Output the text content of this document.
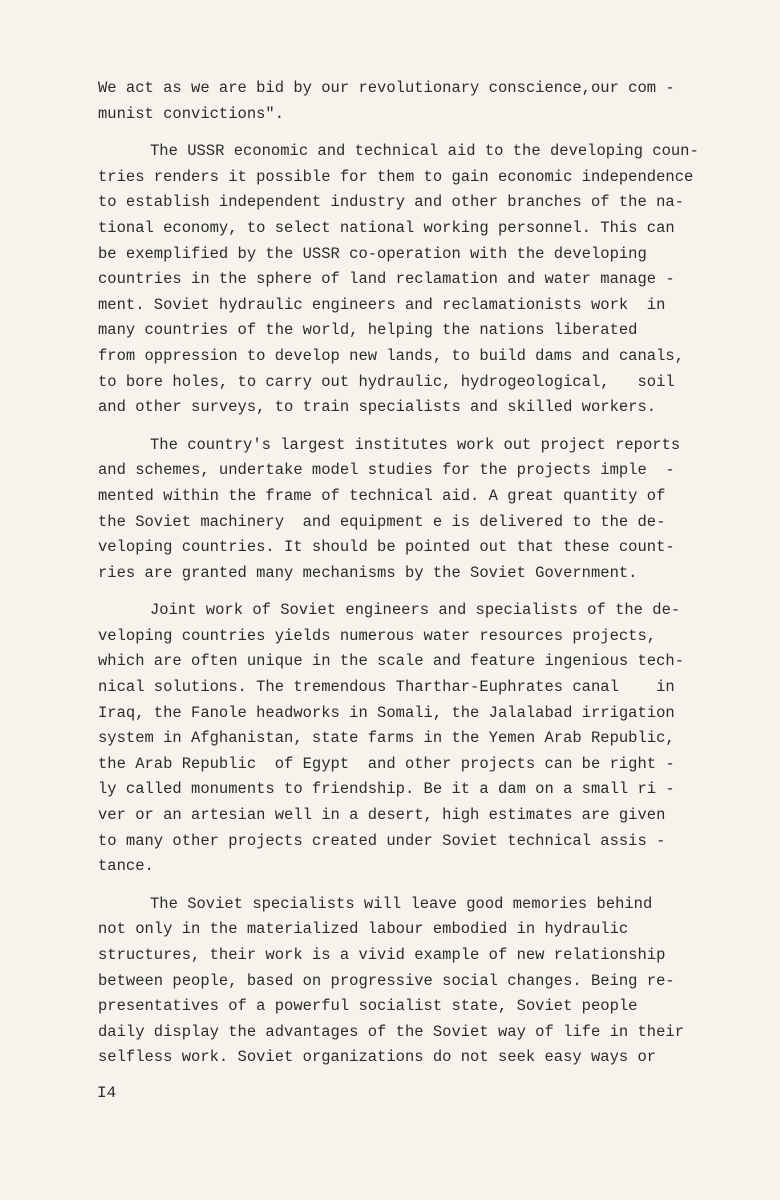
We act as we are bid by our revolutionary conscience,our com -
munist convictions".
The USSR economic and technical aid to the developing coun-
tries renders it possible for them to gain economic independence
to establish independent industry and other branches of the na-
tional economy, to select national working personnel. This can
be exemplified by the USSR co-operation with the developing
countries in the sphere of land reclamation and water manage -
ment. Soviet hydraulic engineers and reclamationists work  in
many countries of the world, helping the nations liberated
from oppression to develop new lands, to build dams and canals,
to bore holes, to carry out hydraulic, hydrogeological,   soil
and other surveys, to train specialists and skilled workers.
The country's largest institutes work out project reports
and schemes, undertake model studies for the projects imple  -
mented within the frame of technical aid. A great quantity of
the Soviet machinery  and equipment e is delivered to the de-
veloping countries. It should be pointed out that these count-
ries are granted many mechanisms by the Soviet Government.
Joint work of Soviet engineers and specialists of the de-
veloping countries yields numerous water resources projects,
which are often unique in the scale and feature ingenious tech-
nical solutions. The tremendous Tharthar-Euphrates canal    in
Iraq, the Fanole headworks in Somali, the Jalalabad irrigation
system in Afghanistan, state farms in the Yemen Arab Republic,
the Arab Republic  of Egypt  and other projects can be right -
ly called monuments to friendship. Be it a dam on a small ri -
ver or an artesian well in a desert, high estimates are given
to many other projects created under Soviet technical assis -
tance.
The Soviet specialists will leave good memories behind
not only in the materialized labour embodied in hydraulic
structures, their work is a vivid example of new relationship
between people, based on progressive social changes. Being re-
presentatives of a powerful socialist state, Soviet people
daily display the advantages of the Soviet way of life in their
selfless work. Soviet organizations do not seek easy ways or
I4
